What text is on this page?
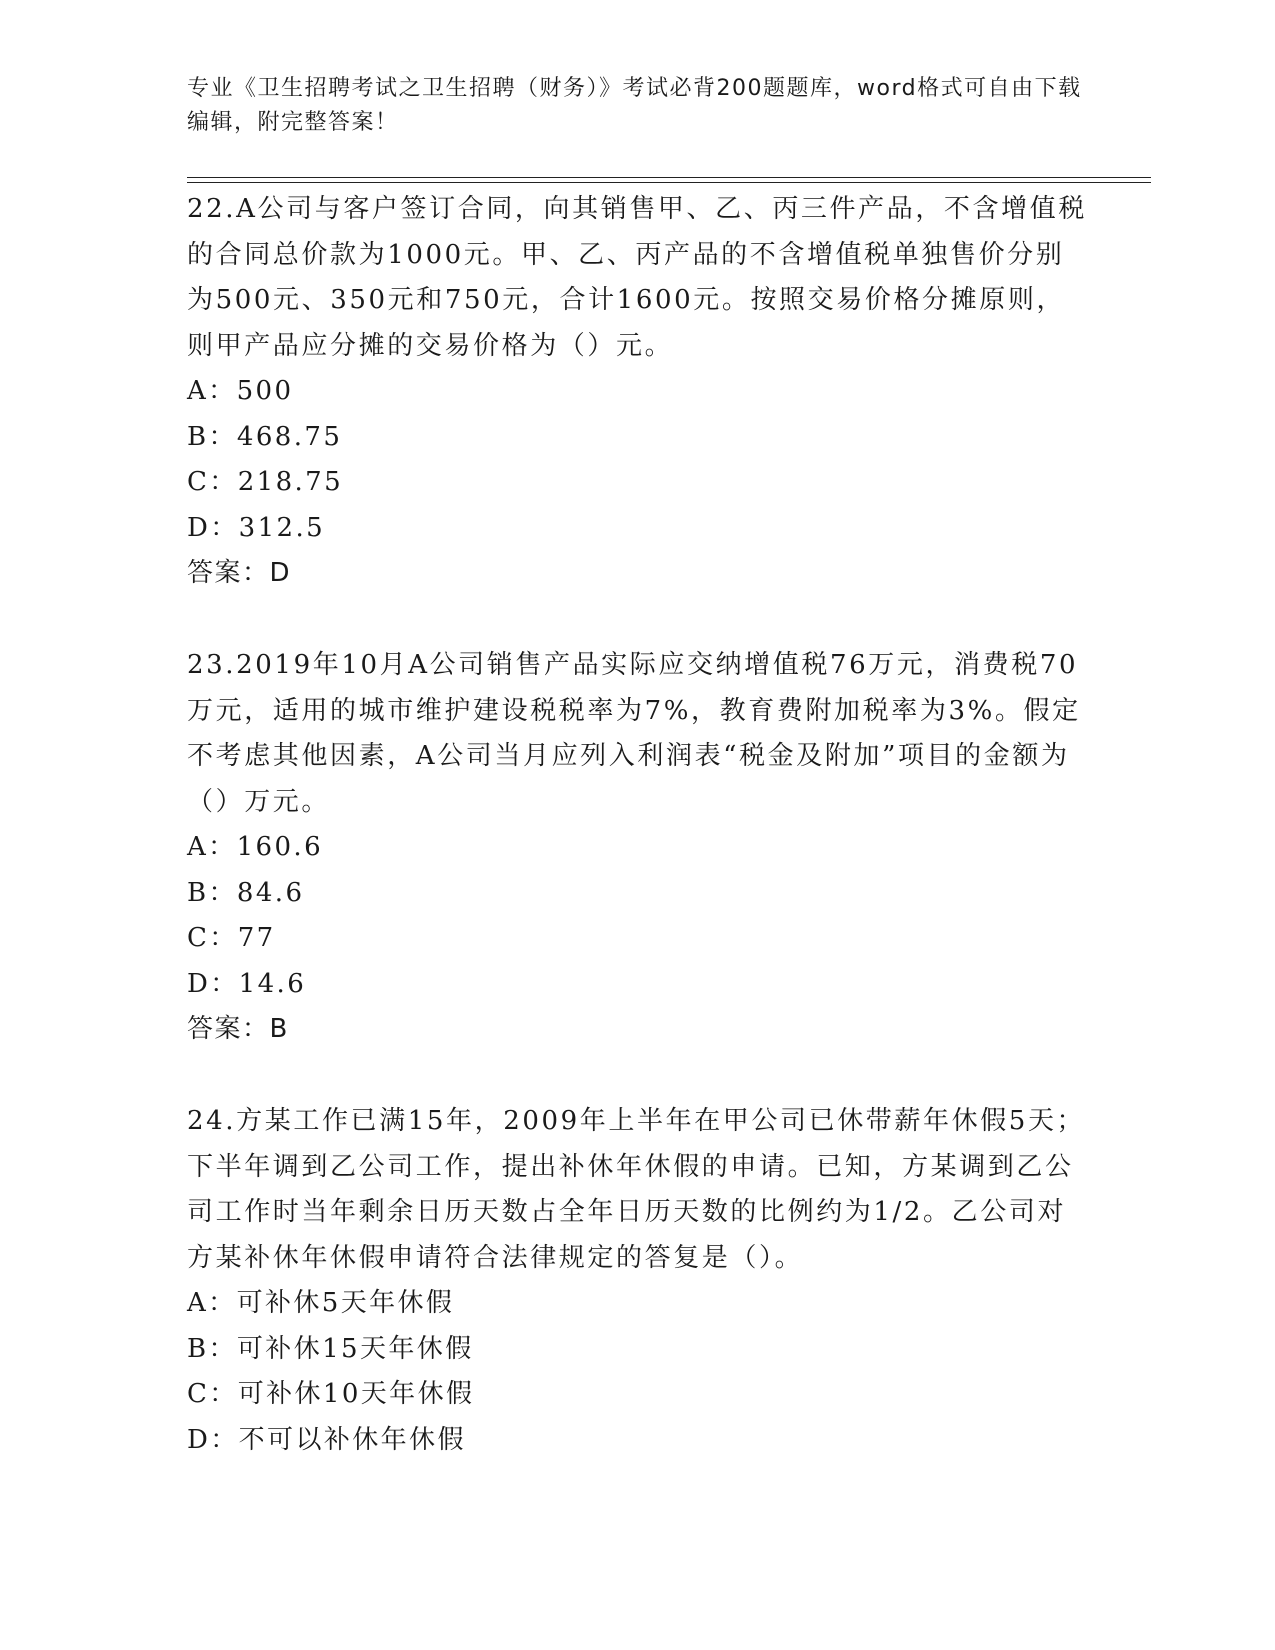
专业《卫生招聘考试之卫生招聘（财务）》考试必背200题题库，word格式可自由下载编辑，附完整答案！

22.A公司与客户签订合同，向其销售甲、乙、丙三件产品，不含增值税的合同总价款为1000元。甲、乙、丙产品的不含增值税单独售价分别为500元、350元和750元，合计1600元。按照交易价格分摊原则，则甲产品应分摊的交易价格为（）元。

A：500

B：468.75

C：218.75

D：312.5

答案：D

23.2019年10月A公司销售产品实际应交纳增值税76万元，消费税70万元，适用的城市维护建设税税率为7%，教育费附加税率为3%。假定不考虑其他因素，A公司当月应列入利润表“税金及附加”项目的金额为（）万元。

A：160.6

B：84.6

C：77

D：14.6

答案：B

24.方某工作已满15年，2009年上半年在甲公司已休带薪年休假5天；下半年调到乙公司工作，提出补休年休假的申请。已知，方某调到乙公司工作时当年剩余日历天数占全年日历天数的比例约为1/2。乙公司对方某补休年休假申请符合法律规定的答复是（）。

A：可补休5天年休假

B：可补休15天年休假

C：可补休10天年休假

D：不可以补休年休假
